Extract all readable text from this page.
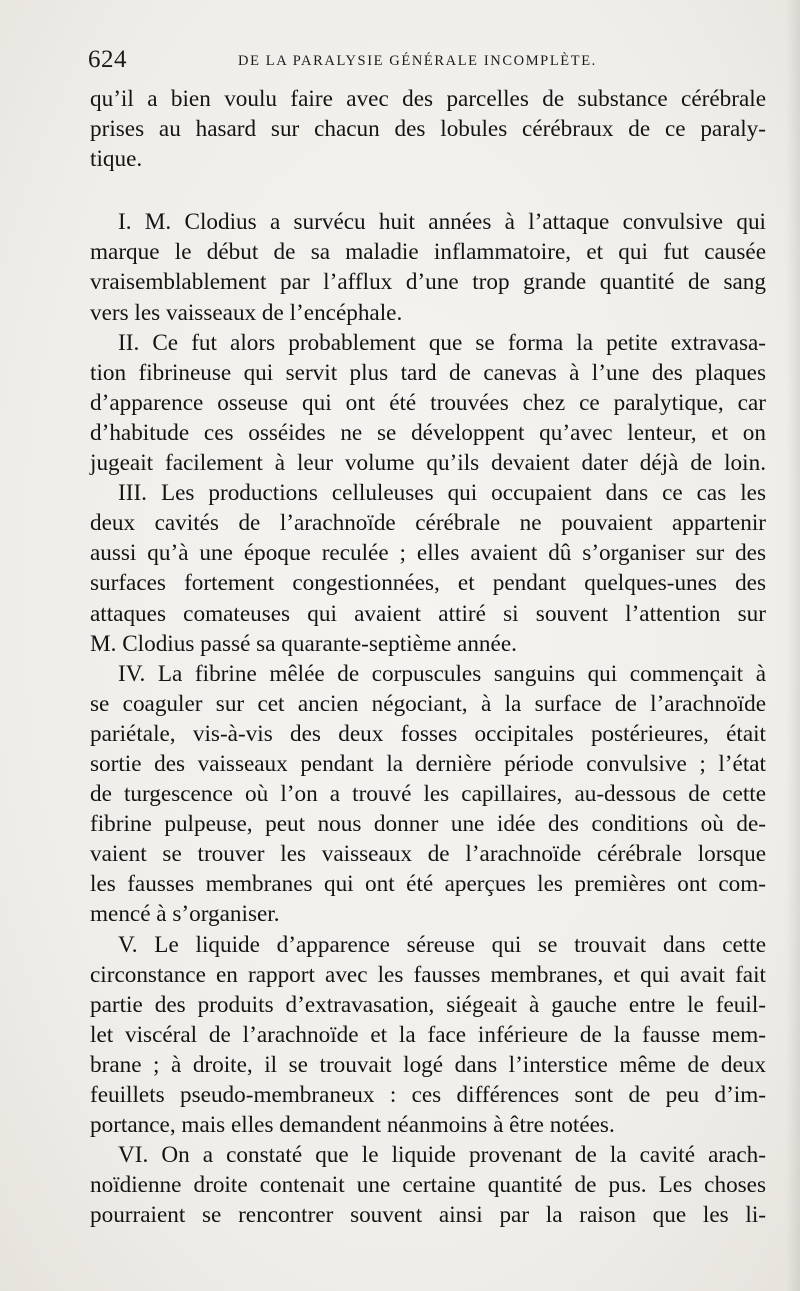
624	DE LA PARALYSIE GÉNÉRALE INCOMPLÈTE.
qu’il a bien voulu faire avec des parcelles de substance cérébrale
prises au hasard sur chacun des lobules cérébraux de ce paraly-
tique.
I. M. Clodius a survécu huit années à l’attaque convulsive qui
marque le début de sa maladie inflammatoire, et qui fut causée
vraisemblablement par l’afflux d’une trop grande quantité de sang
vers les vaisseaux de l’encéphale.
II. Ce fut alors probablement que se forma la petite extravasa-
tion fibrineuse qui servit plus tard de canevas à l’une des plaques
d’apparence osseuse qui ont été trouvées chez ce paralytique, car
d’habitude ces osséides ne se développent qu’avec lenteur, et on
jugeait facilement à leur volume qu’ils devaient dater déjà de loin.
III. Les productions celluleuses qui occupaient dans ce cas les
deux cavités de l’arachnoïde cérébrale ne pouvaient appartenir
aussi qu’à une époque reculée ; elles avaient dû s’organiser sur des
surfaces fortement congestionnées, et pendant quelques-unes des
attaques comateuses qui avaient attiré si souvent l’attention sur
M. Clodius passé sa quarante-septième année.
IV. La fibrine mêlée de corpuscules sanguins qui commençait à
se coaguler sur cet ancien négociant, à la surface de l’arachnoïde
pariétale, vis-à-vis des deux fosses occipitales postérieures, était
sortie des vaisseaux pendant la dernière période convulsive ; l’état
de turgescence où l’on a trouvé les capillaires, au-dessous de cette
fibrine pulpeuse, peut nous donner une idée des conditions où de-
vaient se trouver les vaisseaux de l’arachnoïde cérébrale lorsque
les fausses membranes qui ont été aperçues les premières ont com-
mencé à s’organiser.
V. Le liquide d’apparence séreuse qui se trouvait dans cette
circonstance en rapport avec les fausses membranes, et qui avait fait
partie des produits d’extravasation, siégeait à gauche entre le feuil-
let viscéral de l’arachnoïde et la face inférieure de la fausse mem-
brane ; à droite, il se trouvait logé dans l’interstice même de deux
feuillets pseudo-membraneux : ces différences sont de peu d’im-
portance, mais elles demandent néanmoins à être notées.
VI. On a constaté que le liquide provenant de la cavité arach-
noïdienne droite contenait une certaine quantité de pus. Les choses
pourraient se rencontrer souvent ainsi par la raison que les li-
